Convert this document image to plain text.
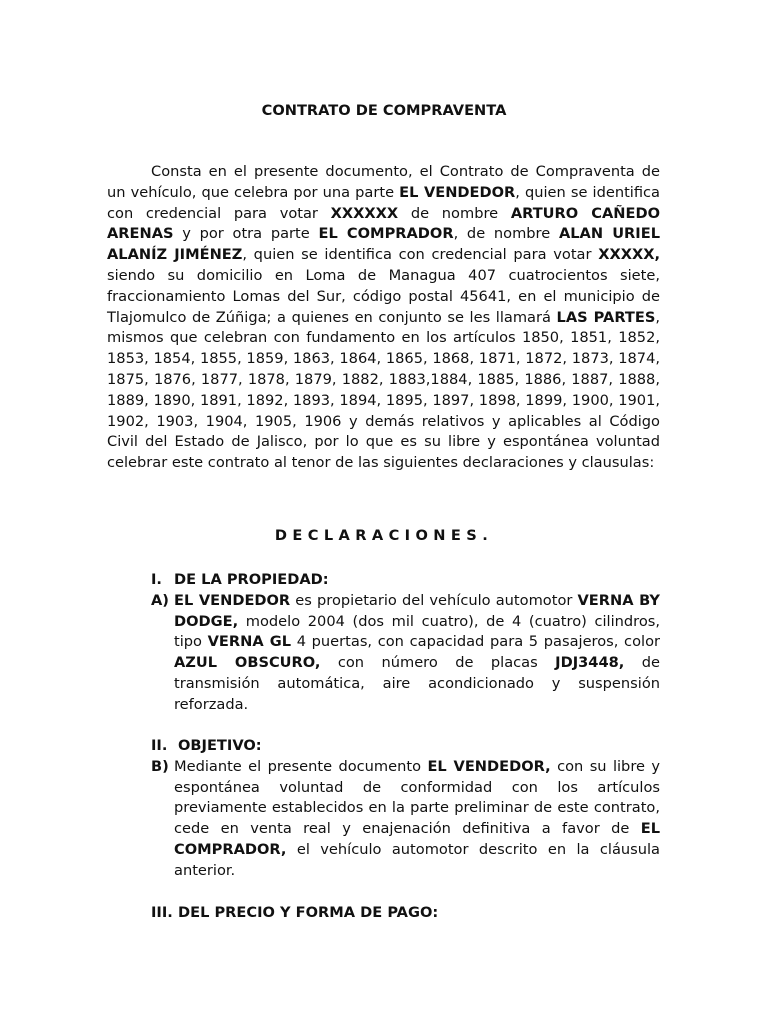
CONTRATO DE COMPRAVENTA

Consta en el presente documento, el Contrato de Compraventa de un vehículo, que celebra por una parte EL VENDEDOR, quien se identifica con credencial para votar XXXXXX de nombre ARTURO CAÑEDO ARENAS y por otra parte EL COMPRADOR, de nombre ALAN URIEL ALANÍZ JIMÉNEZ, quien se identifica con credencial para votar XXXXX, siendo su domicilio en Loma de Managua 407 cuatrocientos siete, fraccionamiento Lomas del Sur, código postal 45641, en el municipio de Tlajomulco de Zúñiga; a quienes en conjunto se les llamará LAS PARTES, mismos que celebran con fundamento en los artículos 1850, 1851, 1852, 1853, 1854, 1855, 1859, 1863, 1864, 1865, 1868, 1871, 1872, 1873, 1874, 1875, 1876, 1877, 1878, 1879, 1882, 1883,1884, 1885, 1886, 1887, 1888, 1889, 1890, 1891, 1892, 1893, 1894, 1895, 1897, 1898, 1899, 1900, 1901, 1902, 1903, 1904, 1905, 1906 y demás relativos y aplicables al Código Civil del Estado de Jalisco, por lo que es su libre y espontánea voluntad celebrar este contrato al tenor de las siguientes declaraciones y clausulas:

DECLARACIONES.
I. DE LA PROPIEDAD:
A) EL VENDEDOR es propietario del vehículo automotor VERNA BY DODGE, modelo 2004 (dos mil cuatro), de 4 (cuatro) cilindros, tipo VERNA GL 4 puertas, con capacidad para 5 pasajeros, color AZUL OBSCURO, con número de placas JDJ3448, de transmisión automática, aire acondicionado y suspensión reforzada.
II. OBJETIVO:
B) Mediante el presente documento EL VENDEDOR, con su libre y espontánea voluntad de conformidad con los artículos previamente establecidos en la parte preliminar de este contrato, cede en venta real y enajenación definitiva a favor de EL COMPRADOR, el vehículo automotor descrito en la cláusula anterior.
III. DEL PRECIO Y FORMA DE PAGO:
